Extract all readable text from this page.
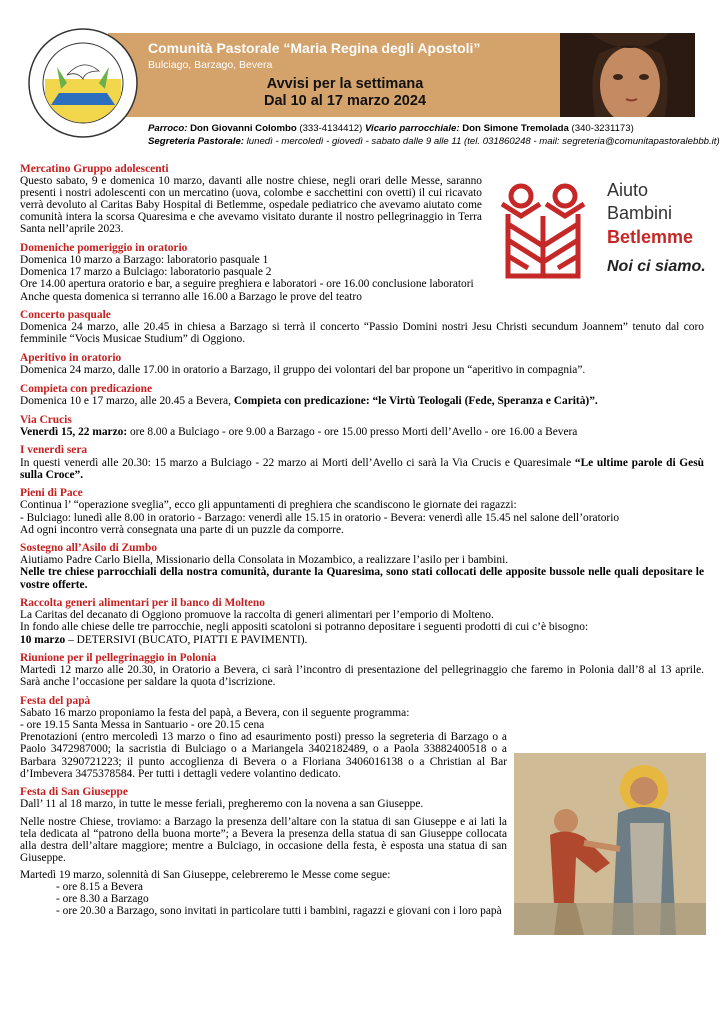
Comunità Pastorale “Maria Regina degli Apostoli”
Bulciago, Barzago, Bevera
Avvisi per la settimana
Dal 10 al 17 marzo 2024
Parroco: Don Giovanni Colombo (333-4134412) Vicario parrocchiale: Don Simone Tremolada (340-3231173)
Segreteria Pastorale: lunedì - mercoledì - giovedì - sabato dalle 9 alle 11 (tel. 031860248 - mail: segreteria@comunitapastoralebbb.it)
Aiuto
Bambini
Betlemme
Noi ci siamo.
Mercatino Gruppo adolescenti

Questo sabato, 9 e domenica 10 marzo, davanti alle nostre chiese, negli orari delle Messe, saranno presenti i nostri adolescenti con un mercatino (uova, colombe e sacchettini con ovetti) il cui ricavato verrà devoluto al Caritas Baby Hospital di Betlemme, ospedale pediatrico che avevamo aiutato come comunità intera la scorsa Quaresima e che avevamo visitato durante il nostro pellegrinaggio in Terra Santa nell’aprile 2023.

Domeniche pomeriggio in oratorio
Domenica 10 marzo a Barzago: laboratorio pasquale 1
Domenica 17 marzo a Bulciago: laboratorio pasquale 2
Ore 14.00 apertura oratorio e bar, a seguire preghiera e laboratori - ore 16.00 conclusione laboratori
Anche questa domenica si terranno alle 16.00 a Barzago le prove del teatro
Concerto pasquale

Domenica 24 marzo, alle 20.45 in chiesa a Barzago si terrà il concerto “Passio Domini nostri Jesu Christi secundum Joannem” tenuto dal coro femminile “Vocis Musicae Studium” di Oggiono.

Aperitivo in oratorio

Domenica 24 marzo, dalle 17.00 in oratorio a Barzago, il gruppo dei volontari del bar propone un “aperitivo in compagnia”.

Compieta con predicazione

Domenica 10 e 17 marzo, alle 20.45 a Bevera, Compieta con predicazione: “le Virtù Teologali (Fede, Speranza e Carità)”.

Via Crucis

Venerdì 15, 22 marzo: ore 8.00 a Bulciago - ore 9.00 a Barzago - ore 15.00 presso Morti dell’Avello - ore 16.00 a Bevera

I venerdì sera

In questi venerdì alle 20.30: 15 marzo a Bulciago - 22 marzo ai Morti dell’Avello ci sarà la Via Crucis e Quaresimale “Le ultime parole di Gesù sulla Croce”.

Pieni di Pace
Continua l’ “operazione sveglia”, ecco gli appuntamenti di preghiera che scandiscono le giornate dei ragazzi:
- Bulciago: lunedì alle 8.00 in oratorio - Barzago: venerdì alle 15.15 in oratorio - Bevera: venerdì alle 15.45 nel salone dell’oratorio
Ad ogni incontro verrà consegnata una parte di un puzzle da comporre.
Sostegno all’Asilo di Zumbo
Aiutiamo Padre Carlo Biella, Missionario della Consolata in Mozambico, a realizzare l’asilo per i bambini.

Nelle tre chiese parrocchiali della nostra comunità, durante la Quaresima, sono stati collocati delle apposite bussole nelle quali depositare le vostre offerte.

Raccolta generi alimentari per il banco di Molteno
La Caritas del decanato di Oggiono promuove la raccolta di generi alimentari per l’emporio di Molteno.
In fondo alle chiese delle tre parrocchie, negli appositi scatoloni si potranno depositare i seguenti prodotti di cui c’è bisogno:
10 marzo – DETERSIVI (BUCATO, PIATTI E PAVIMENTI).
Riunione per il pellegrinaggio in Polonia

Martedì 12 marzo alle 20.30, in Oratorio a Bevera, ci sarà l’incontro di presentazione del pellegrinaggio che faremo in Polonia dall’8 al 13 aprile. Sarà anche l’occasione per saldare la quota d’iscrizione.

Festa del papà
Sabato 16 marzo proponiamo la festa del papà, a Bevera, con il seguente programma:
- ore 19.15 Santa Messa in Santuario - ore 20.15 cena

Prenotazioni (entro mercoledì 13 marzo o fino ad esaurimento posti) presso la segreteria di Barzago o a Paolo 3472987000; la sacristia di Bulciago o a Mariangela 3402182489, o a Paola 3388240051​8 o a Barbara 3290721223; il punto accoglienza di Bevera o a Floriana 3406016138 o a Christian al Bar d’Imbevera 3475378584. Per tutti i dettagli vedere volantino dedicato.

Festa di San Giuseppe
Dall’ 11 al 18 marzo, in tutte le messe feriali, pregheremo con la novena a san Giuseppe.

Nelle nostre Chiese, troviamo: a Barzago la presenza dell’altare con la statua di san Giuseppe e ai lati la tela dedicata al “patrono della buona morte”; a Bevera la presenza della statua di san Giuseppe collocata alla destra dell’altare maggiore; mentre a Bulciago, in occasione della festa, è esposta una statua di san Giuseppe.

Martedì 19 marzo, solennità di San Giuseppe, celebreremo le Messe come segue:
- ore 8.15 a Bevera
- ore 8.30 a Barzago
- ore 20.30 a Barzago, sono invitati in particolare tutti i bambini, ragazzi e giovani con i loro papà
